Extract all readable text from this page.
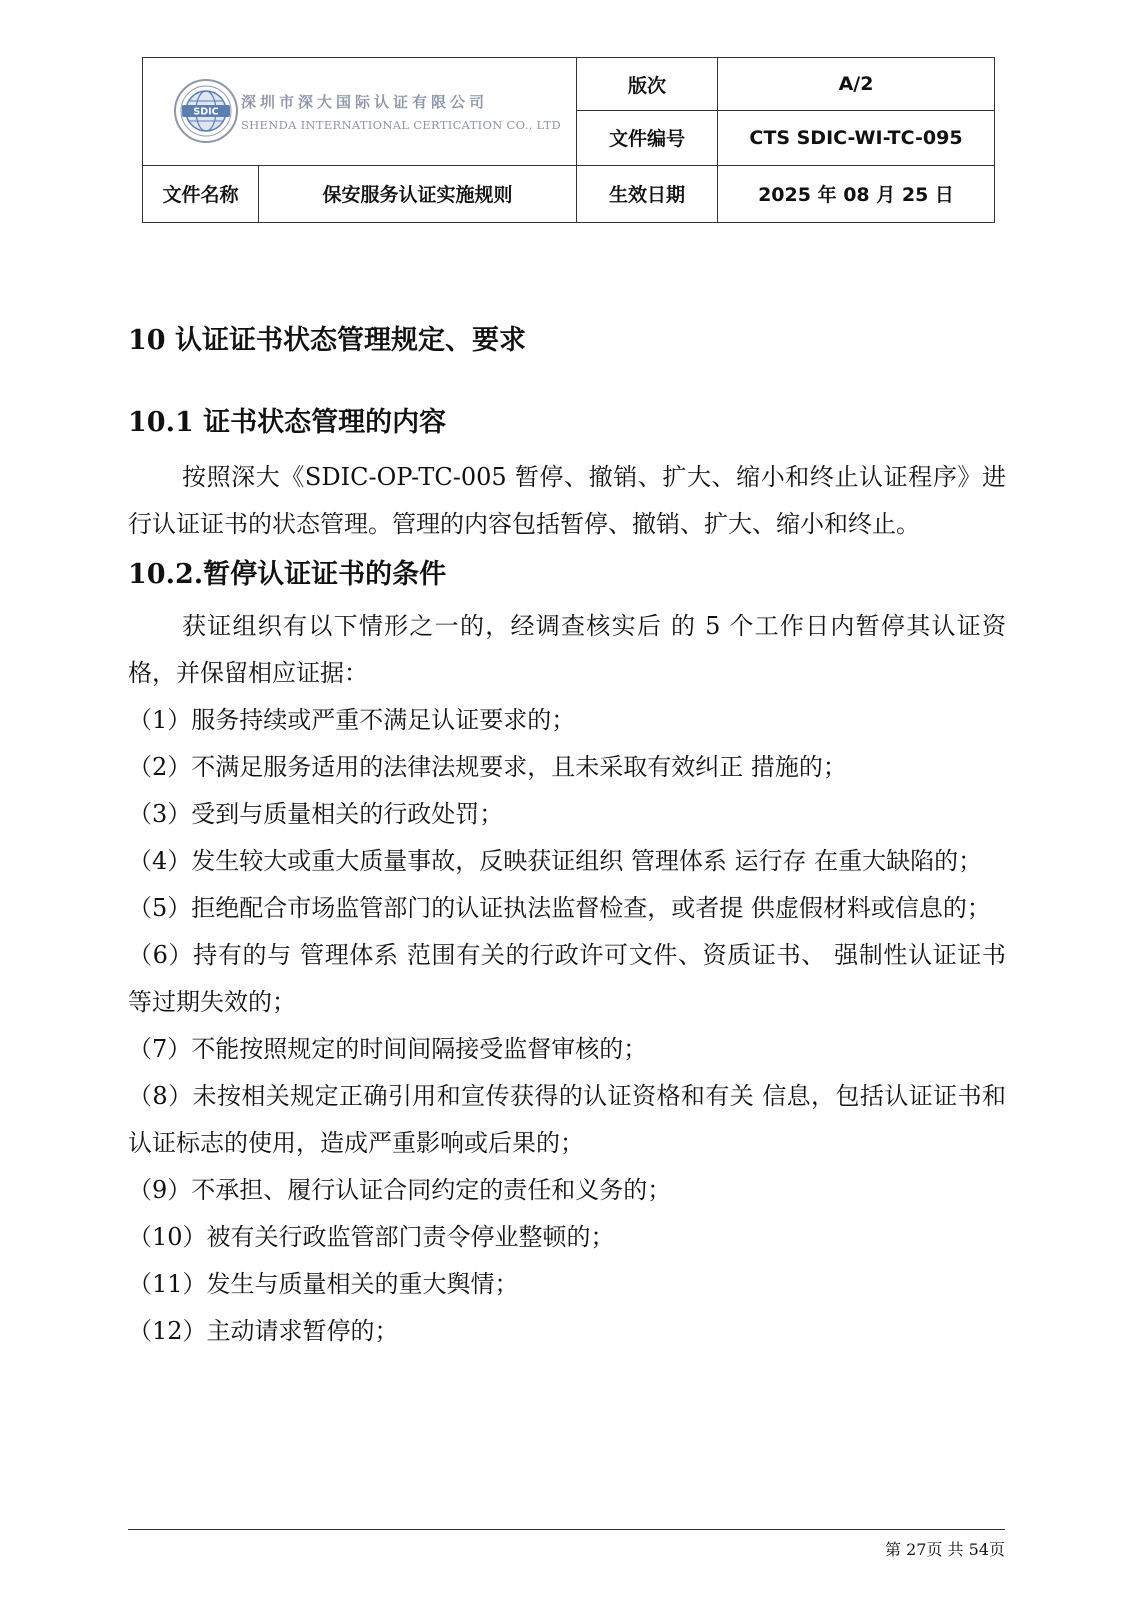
SDIC
深圳市深大国际认证有限公司
SHENDA INTERNATIONAL CERTICATION CO., LTD		版次	A/2
		文件编号	CTS SDIC-WI-TC-095
文件名称	保安服务认证实施规则	生效日期	2025 年 08 月 25 日
10 认证证书状态管理规定、要求
10.1 证书状态管理的内容

按照深大《SDIC-OP-TC-005 暂停、撤销、扩大、缩小和终止认证程序》进行认证证书的状态管理。管理的内容包括暂停、撤销、扩大、缩小和终止。

10.2.暂停认证证书的条件

获证组织有以下情形之一的，经调查核实后 的 5 个工作日内暂停其认证资格，并保留相应证据：

（1）服务持续或严重不满足认证要求的；
（2）不满足服务适用的法律法规要求，且未采取有效纠正 措施的；
（3）受到与质量相关的行政处罚；
（4）发生较大或重大质量事故，反映获证组织 管理体系 运行存 在重大缺陷的；
（5）拒绝配合市场监管部门的认证执法监督检查，或者提 供虚假材料或信息的；
（6）持有的与 管理体系 范围有关的行政许可文件、资质证书、 强制性认证证书等过期失效的；
（7）不能按照规定的时间间隔接受监督审核的；
（8）未按相关规定正确引用和宣传获得的认证资格和有关 信息，包括认证证书和认证标志的使用，造成严重影响或后果的；
（9）不承担、履行认证合同约定的责任和义务的；
（10）被有关行政监管部门责令停业整顿的；
（11）发生与质量相关的重大舆情；
（12）主动请求暂停的；
第 27页 共 54页
